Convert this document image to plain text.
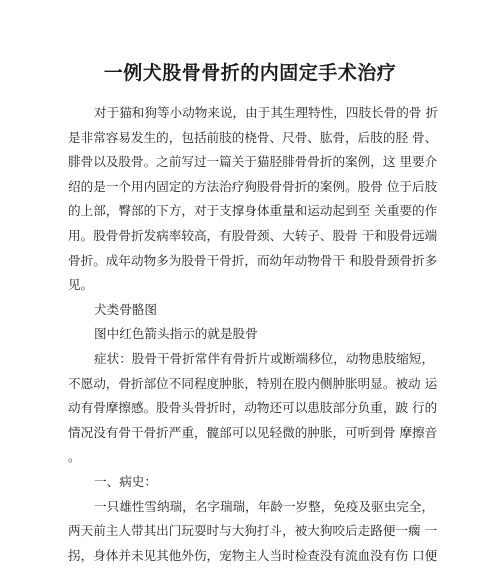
一例犬股骨骨折的内固定手术治疗
对于猫和狗等小动物来说，由于其生理特性，四肢长骨的骨 折
是非常容易发生的，包括前肢的桡骨、尺骨、肱骨，后肢的胫 骨、
腓骨以及股骨。之前写过一篇关于猫胫腓骨骨折的案例，这 里要介
绍的是一个用内固定的方法治疗狗股骨骨折的案例。股骨 位于后肢
的上部，臀部的下方，对于支撑身体重量和运动起到至 关重要的作
用。股骨骨折发病率较高，有股骨颈、大转子、股骨 干和股骨远端
骨折。成年动物多为股骨干骨折，而幼年动物骨干 和股骨颈骨折多
见。
犬类骨骼图
图中红色箭头指示的就是股骨
症状：股骨干骨折常伴有骨折片或断端移位，动物患肢缩短，
不愿动，骨折部位不同程度肿胀，特别在股内侧肿胀明显。被动 运
动有骨摩擦感。股骨头骨折时，动物还可以患肢部分负重，跛 行的
情况没有骨干骨折严重，髋部可以见轻微的肿胀，可听到骨 摩擦音
。
一、病史：
一只雄性雪纳瑞，名字瑞瑞，年龄一岁整，免疫及驱虫完全，
两天前主人带其出门玩耍时与大狗打斗，被大狗咬后走路便一瘸 一
拐，身体并未见其他外伤，宠物主人当时检查没有流血没有伤 口便
